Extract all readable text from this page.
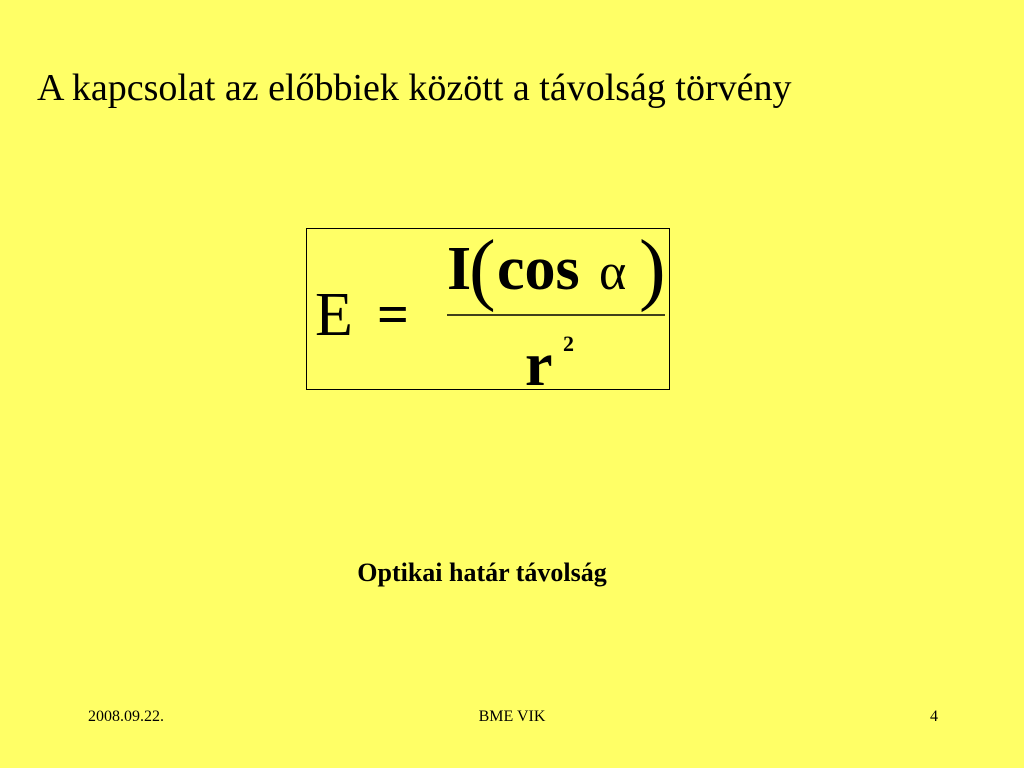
A kapcsolat az előbbiek között a távolság törvény
E =
I
( cos α )
r 2
Optikai határ távolság
2008.09.22.	BME VIK	4
